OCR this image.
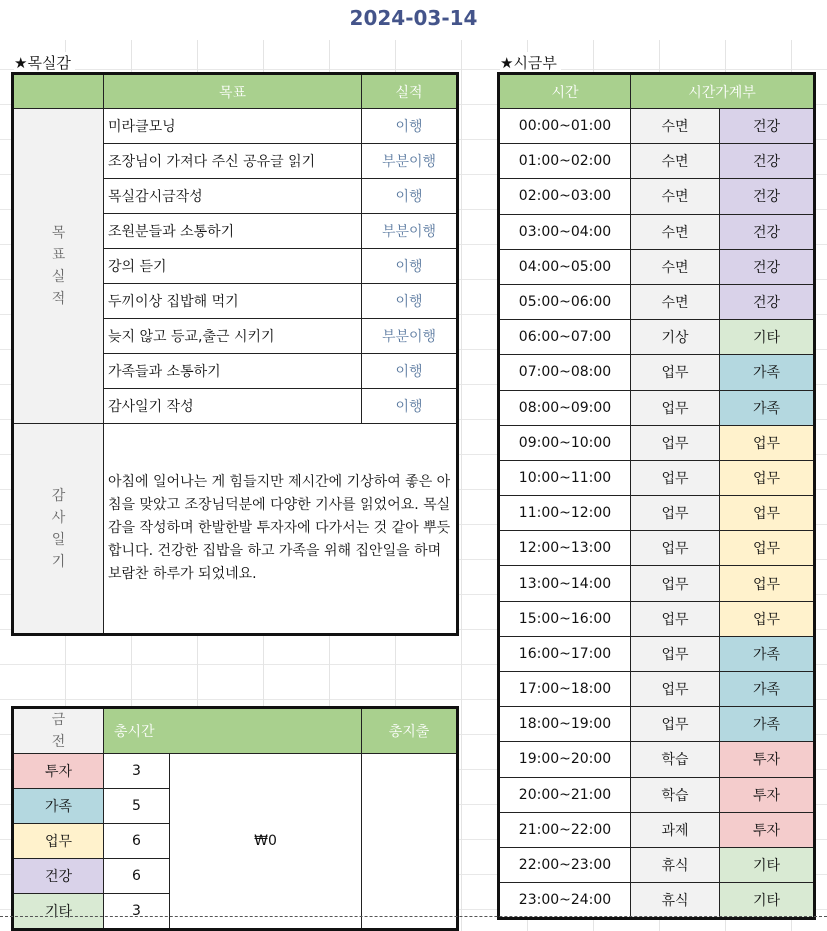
2024-03-14
★목실감
	목표	실적
목
표
실
적	미라클모닝	이행
	조장님이 가져다 주신 공유글 읽기	부분이행
	목실감시금작성	이행
	조원분들과 소통하기	부분이행
	강의 듣기	이행
	두끼이상 집밥해 먹기	이행
	늦지 않고 등교,출근 시키기	부분이행
	가족들과 소통하기	이행
	감사일기 작성	이행
감
사
일
기	아침에 일어나는 게 힘들지만 제시간에 기상하여 좋은 아침을 맞았고 조장님덕분에 다양한 기사를 읽었어요. 목실감을 작성하며 한발한발 투자자에 다가서는 것 같아 뿌듯합니다. 건강한 집밥을 하고 가족을 위해 집안일을 하며 보람찬 하루가 되었네요.	
금
전	총시간		총지출
투자	3	₩0	
가족	5		
업무	6		
건강	6		
기타	3		
★시금부
시간	시간가계부	
00:00~01:00	수면	건강
01:00~02:00	수면	건강
02:00~03:00	수면	건강
03:00~04:00	수면	건강
04:00~05:00	수면	건강
05:00~06:00	수면	건강
06:00~07:00	기상	기타
07:00~08:00	업무	가족
08:00~09:00	업무	가족
09:00~10:00	업무	업무
10:00~11:00	업무	업무
11:00~12:00	업무	업무
12:00~13:00	업무	업무
13:00~14:00	업무	업무
15:00~16:00	업무	업무
16:00~17:00	업무	가족
17:00~18:00	업무	가족
18:00~19:00	업무	가족
19:00~20:00	학습	투자
20:00~21:00	학습	투자
21:00~22:00	과제	투자
22:00~23:00	휴식	기타
23:00~24:00	휴식	기타
